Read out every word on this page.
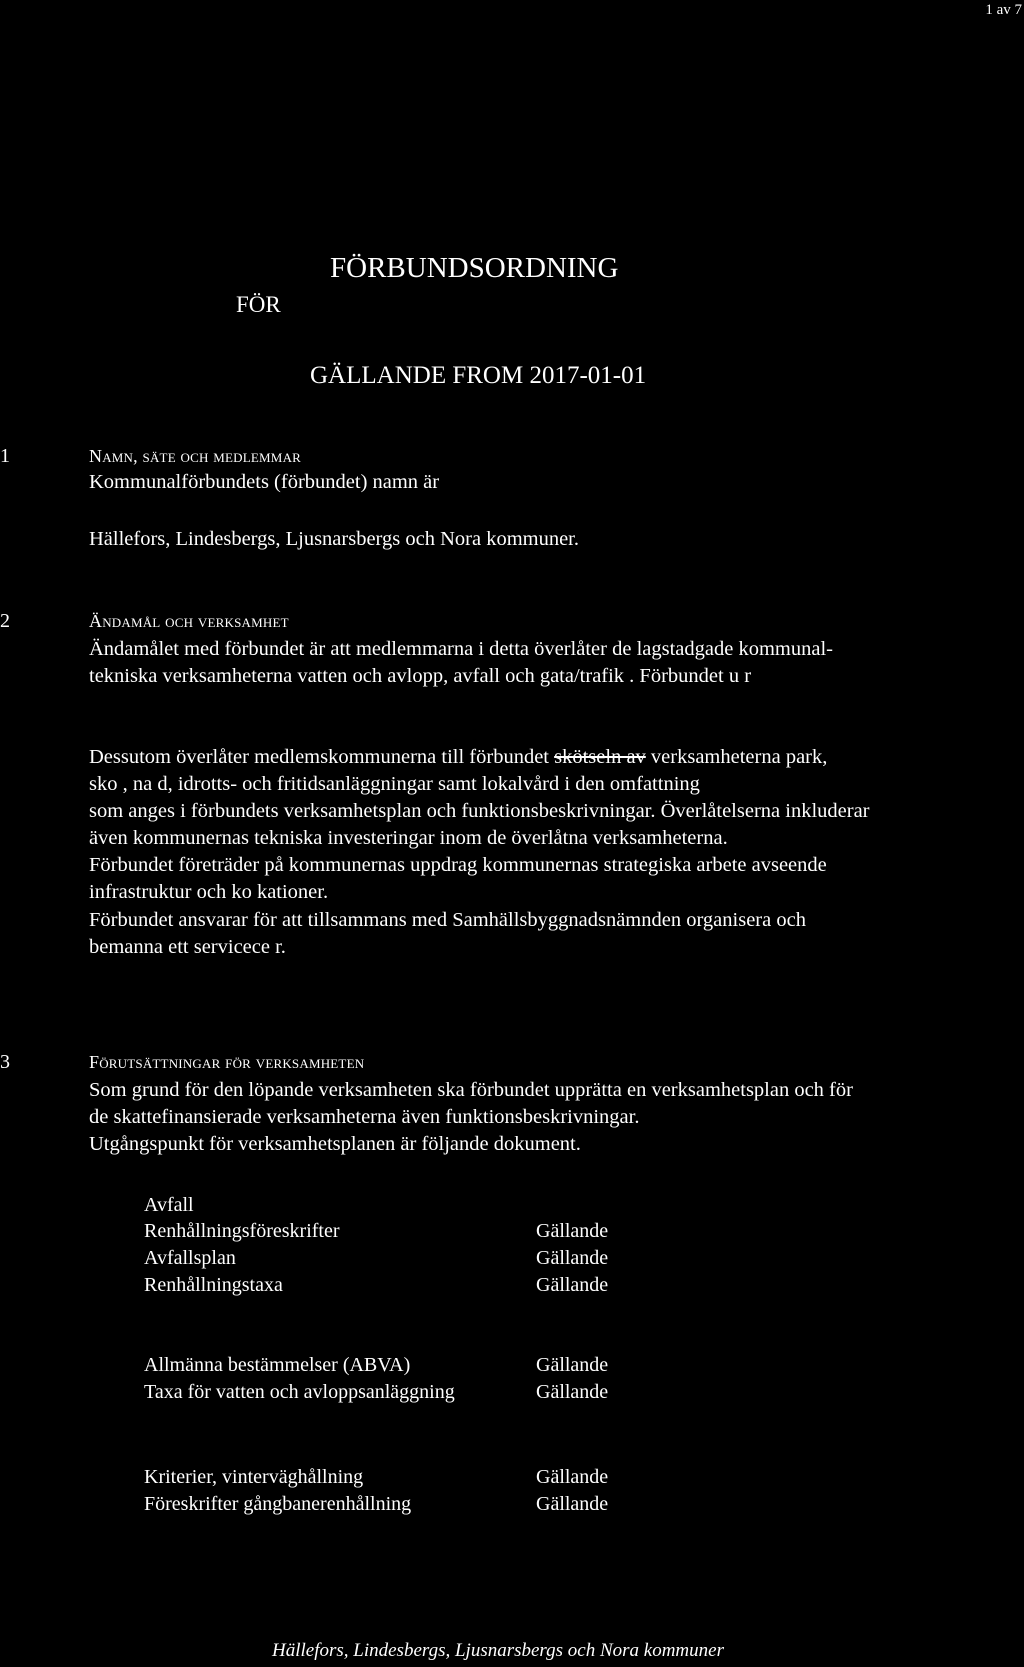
1 av 7
FÖRBUNDSORDNING
FÖR
GÄLLANDE FROM 2017-01-01
1	Namn, säte och medlemmar
Kommunalförbundets (förbundet) namn är
Hällefors, Lindesbergs, Ljusnarsbergs och Nora kommuner.
2	Ändamål och verksamhet
Ändamålet med förbundet är att medlemmarna i detta överlåter de lagstadgade kommunal-
tekniska verksamheterna vatten och avlopp, avfall och gata/trafik . Förbundet u r
Dessutom överlåter medlemskommunerna till förbundet skötseln av verksamheterna park,
sko , na d, idrotts- och fritidsanläggningar samt lokalvård i den omfattning
som anges i förbundets verksamhetsplan och funktionsbeskrivningar. Överlåtelserna inkluderar
även kommunernas tekniska investeringar inom de överlåtna verksamheterna.
Förbundet företräder på kommunernas uppdrag kommunernas strategiska arbete avseende
infrastruktur och ko kationer.
Förbundet ansvarar för att tillsammans med Samhällsbyggnadsnämnden organisera och
bemanna ett servicece r.
3	Förutsättningar för verksamheten
Som grund för den löpande verksamheten ska förbundet upprätta en verksamhetsplan och för
de skattefinansierade verksamheterna även funktionsbeskrivningar.
Utgångspunkt för verksamhetsplanen är följande dokument.
Avfall
Renhållningsföreskrifter	Gällande
Avfallsplan	Gällande
Renhållningstaxa	Gällande
Allmänna bestämmelser (ABVA)	Gällande
Taxa för vatten och avloppsanläggning	Gällande
Kriterier, vinterväghållning	Gällande
Föreskrifter gångbanerenhållning	Gällande
Hällefors, Lindesbergs, Ljusnarsbergs och Nora kommuner
